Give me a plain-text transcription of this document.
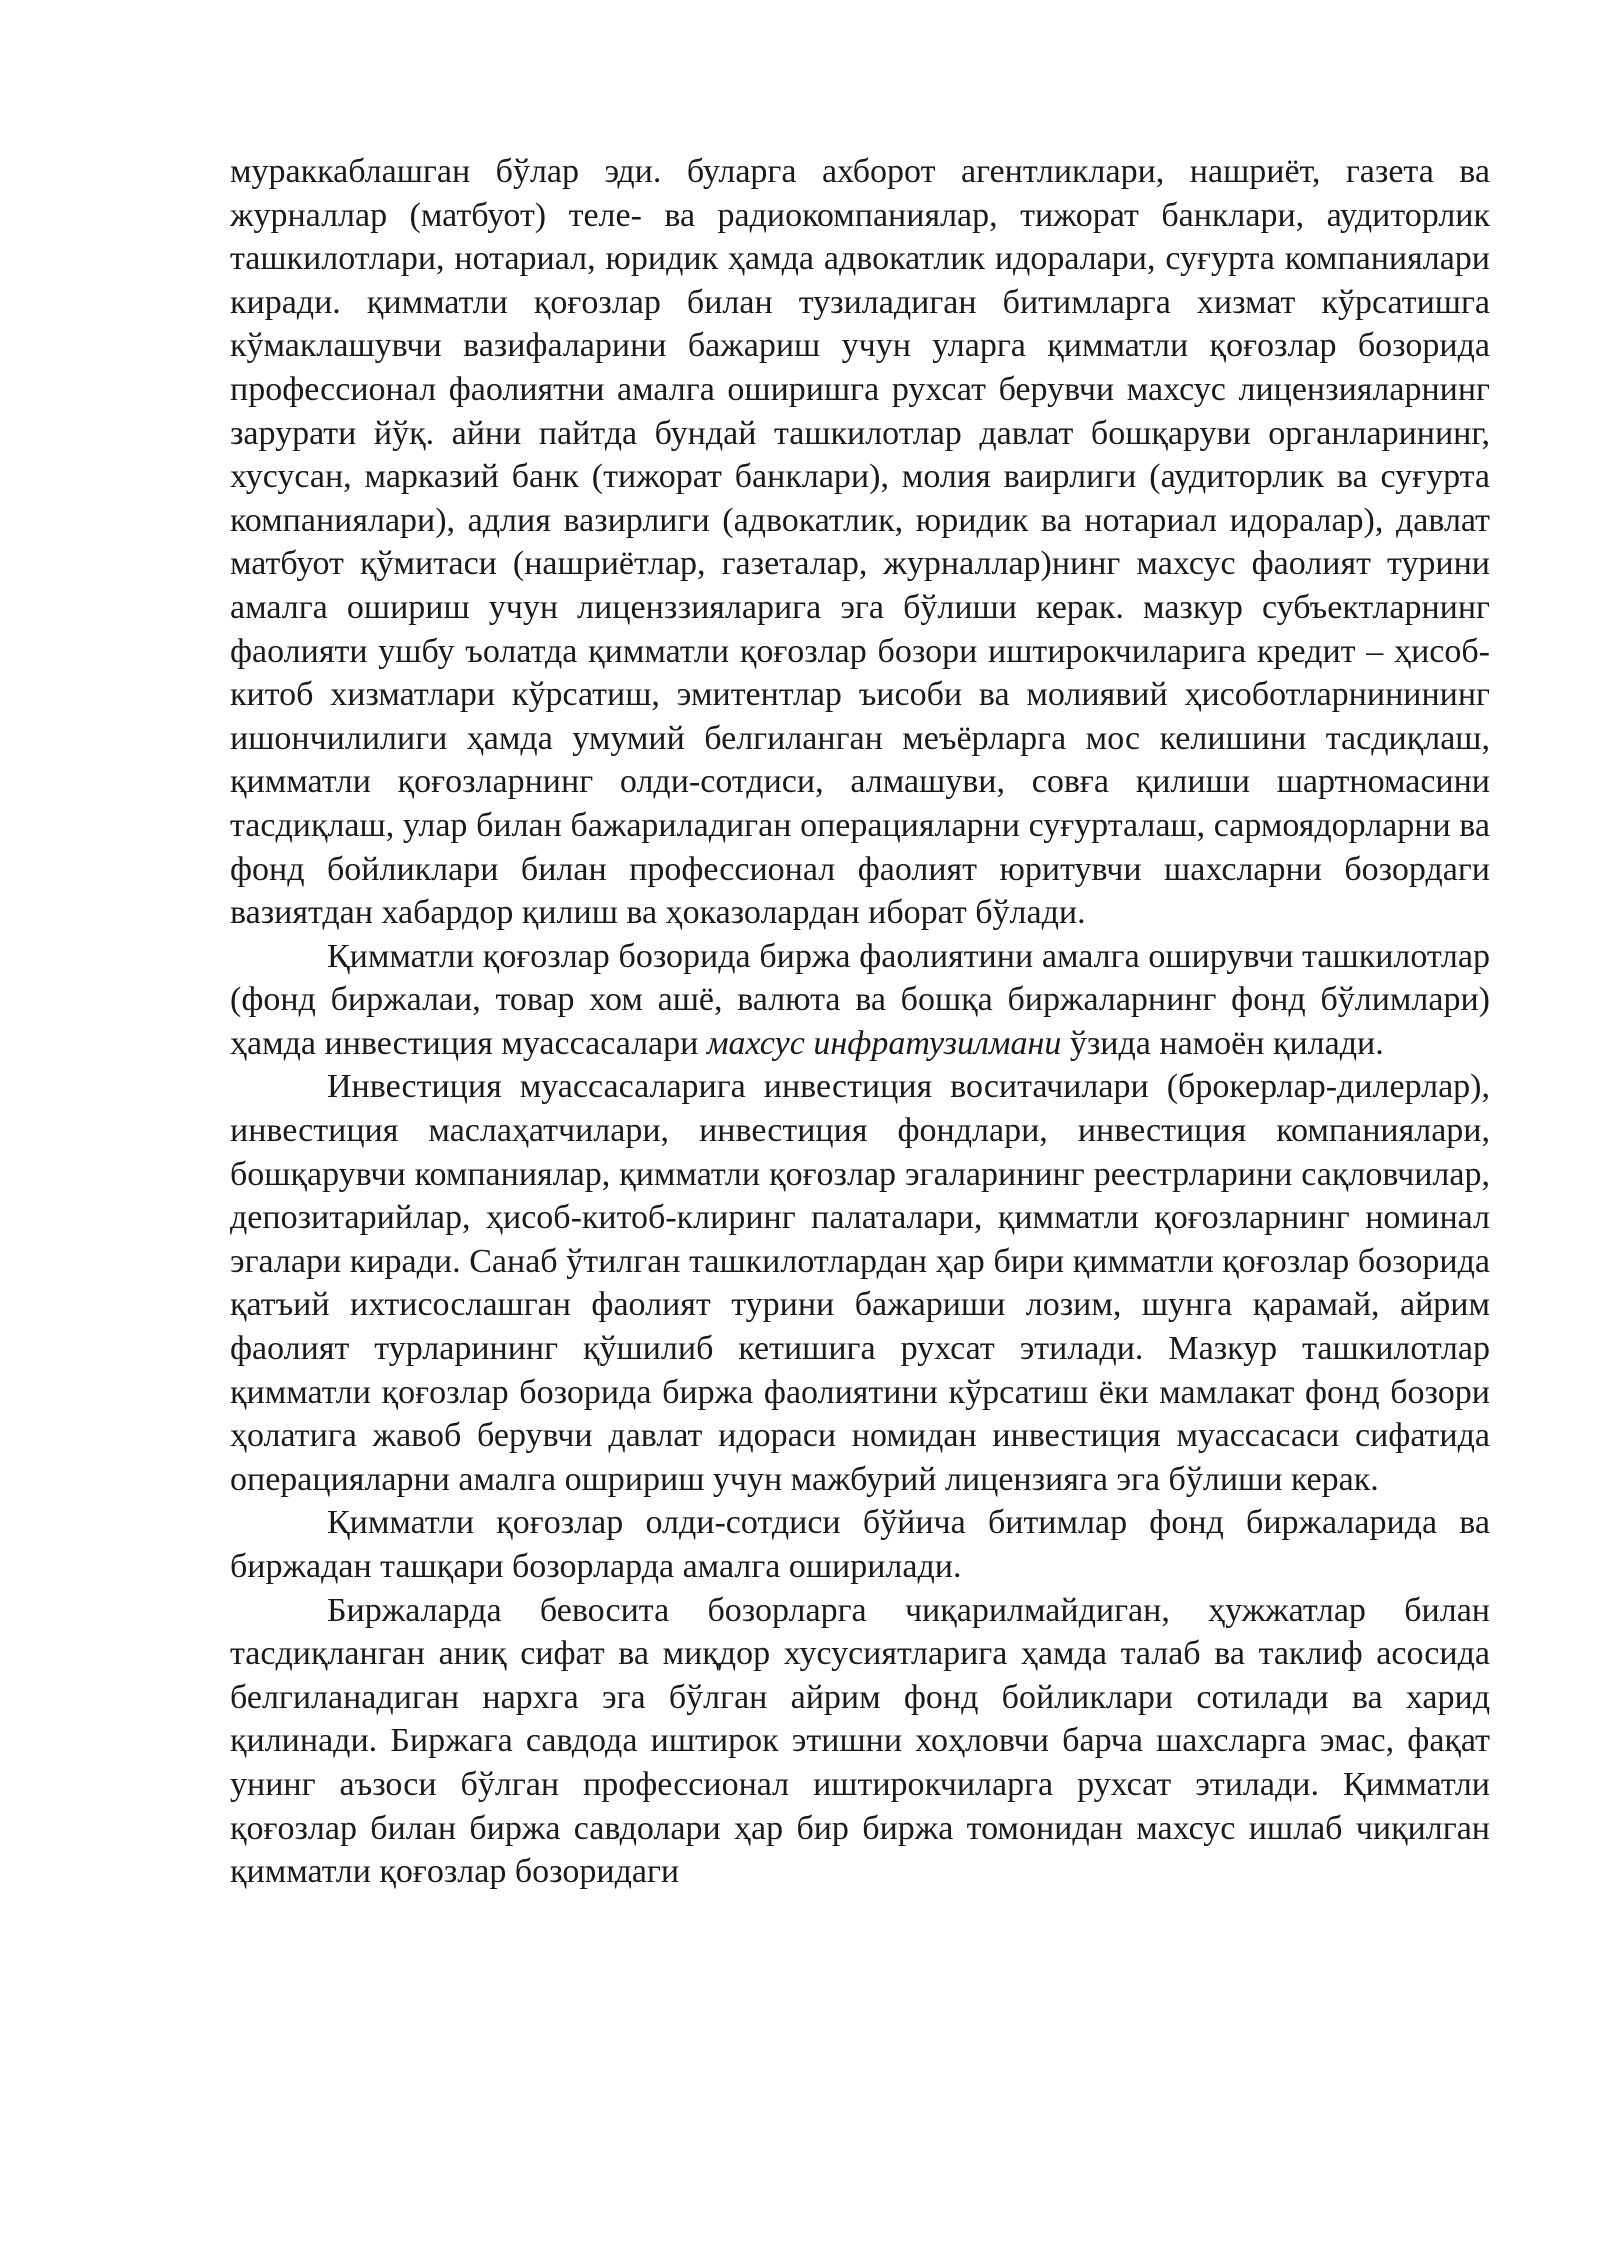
мураккаблашган бўлар эди. буларга ахборот агентликлари, нашриёт, газета ва журналлар (матбуот) теле- ва радиокомпаниялар, тижорат банклари, аудиторлик ташкилотлари, нотариал, юридик ҳамда адвокатлик идоралари, суғурта компаниялари киради. қимматли қоғозлар билан тузиладиган битимларга хизмат кўрсатишга кўмаклашувчи вазифаларини бажариш учун уларга қимматли қоғозлар бозорида профессионал фаолиятни амалга оширишга рухсат берувчи махсус лицензияларнинг зарурати йўқ. айни пайтда бундай ташкилотлар давлат бошқаруви органларининг, хусусан, марказий банк (тижорат банклари), молия ваирлиги (аудиторлик ва суғурта компаниялари), адлия вазирлиги (адвокатлик, юридик ва нотариал идоралар), давлат матбуот қўмитаси (нашриётлар, газеталар, журналлар)нинг махсус фаолият турини амалга ошириш учун лиценззияларига эга бўлиши керак. мазкур субъектларнинг фаолияти ушбу ъолатда қимматли қоғозлар бозори иштирокчиларига кредит – ҳисоб-китоб хизматлари кўрсатиш, эмитентлар ъисоби ва молиявий ҳисоботларнинининг ишончилилиги ҳамда умумий белгиланган меъёрларга мос келишини тасдиқлаш, қимматли қоғозларнинг олди-сотдиси, алмашуви, совға қилиши шартномасини тасдиқлаш, улар билан бажариладиган операцияларни суғурталаш, сармоядорларни ва фонд бойликлари билан профессионал фаолият юритувчи шахсларни бозордаги вазиятдан хабардор қилиш ва ҳоказолардан иборат бўлади.

Қимматли қоғозлар бозорида биржа фаолиятини амалга оширувчи ташкилотлар (фонд биржалаи, товар хом ашё, валюта ва бошқа биржаларнинг фонд бўлимлари) ҳамда инвестиция муассасалари махсус инфратузилмани ўзида намоён қилади.

Инвестиция муассасаларига инвестиция воситачилари (брокерлар-дилерлар), инвестиция маслаҳатчилари, инвестиция фондлари, инвестиция компаниялари, бошқарувчи компаниялар, қимматли қоғозлар эгаларининг реестрларини сақловчилар, депозитарийлар, ҳисоб-китоб-клиринг палаталари, қимматли қоғозларнинг номинал эгалари киради. Санаб ўтилган ташкилотлардан ҳар бири қимматли қоғозлар бозорида қатъий ихтисослашган фаолият турини бажариши лозим, шунга қарамай, айрим фаолият турларининг қўшилиб кетишига рухсат этилади. Мазкур ташкилотлар қимматли қоғозлар бозорида биржа фаолиятини кўрсатиш ёки мамлакат фонд бозори ҳолатига жавоб берувчи давлат идораси номидан инвестиция муассасаси сифатида операцияларни амалга ошририш учун мажбурий лицензияга эга бўлиши керак.

Қимматли қоғозлар олди-сотдиси бўйича битимлар фонд биржаларида ва биржадан ташқари бозорларда амалга оширилади.

Биржаларда бевосита бозорларга чиқарилмайдиган, ҳужжатлар билан тасдиқланган аниқ сифат ва миқдор хусусиятларига ҳамда талаб ва таклиф асосида белгиланадиган нархга эга бўлган айрим фонд бойликлари сотилади ва харид қилинади. Биржага савдода иштирок этишни хоҳловчи барча шахсларга эмас, фақат унинг аъзоси бўлган профессионал иштирокчиларга рухсат этилади. Қимматли қоғозлар билан биржа савдолари ҳар бир биржа томонидан махсус ишлаб чиқилган қимматли қоғозлар бозоридаги
